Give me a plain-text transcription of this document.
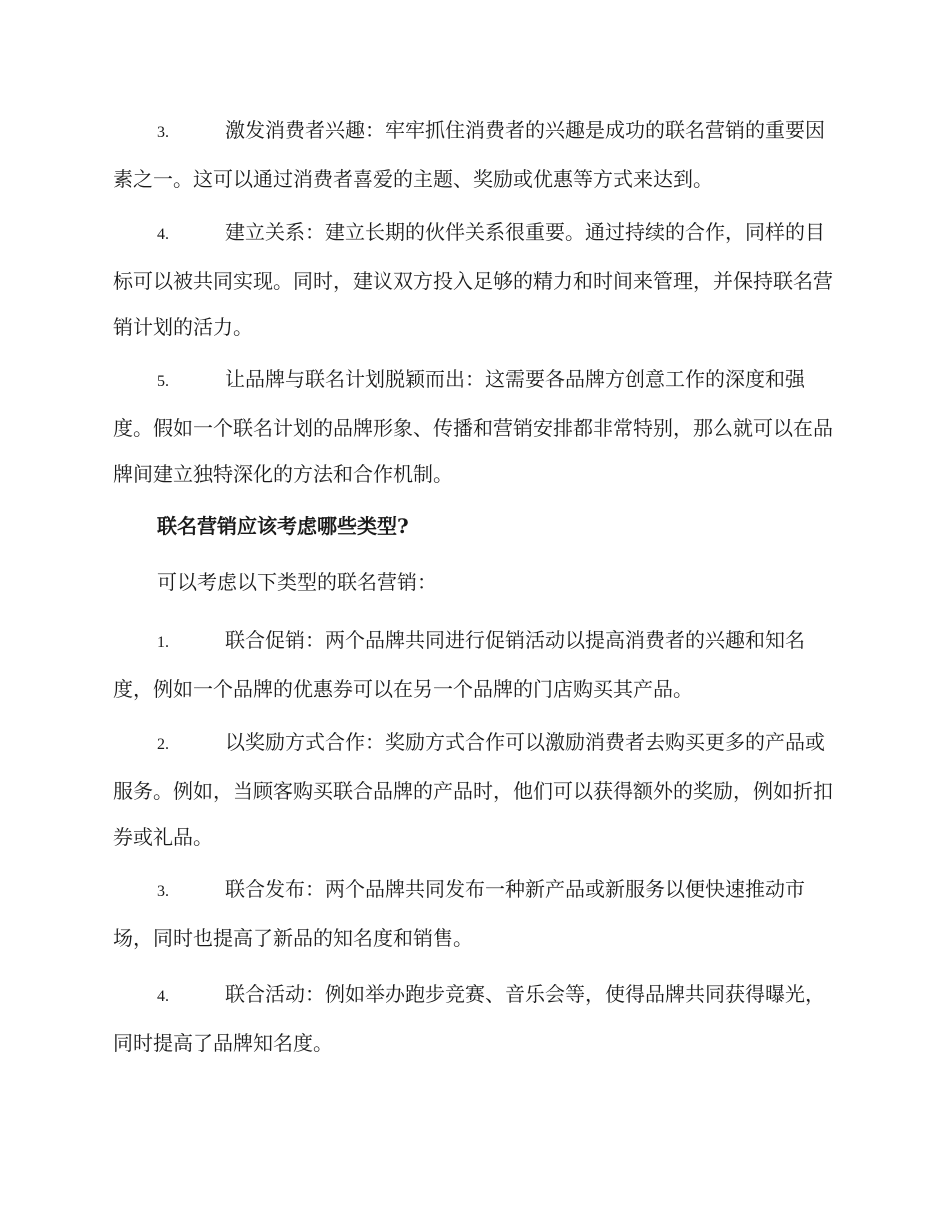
3.	激发消费者兴趣：牢牢抓住消费者的兴趣是成功的联名营销的重要因素之一。这可以通过消费者喜爱的主题、奖励或优惠等方式来达到。

4.	建立关系：建立长期的伙伴关系很重要。通过持续的合作，同样的目标可以被共同实现。同时，建议双方投入足够的精力和时间来管理，并保持联名营销计划的活力。

5.	让品牌与联名计划脱颖而出：这需要各品牌方创意工作的深度和强度。假如一个联名计划的品牌形象、传播和营销安排都非常特别，那么就可以在品牌间建立独特深化的方法和合作机制。

联名营销应该考虑哪些类型?

可以考虑以下类型的联名营销：

1.	联合促销：两个品牌共同进行促销活动以提高消费者的兴趣和知名度，例如一个品牌的优惠券可以在另一个品牌的门店购买其产品。

2.	以奖励方式合作：奖励方式合作可以激励消费者去购买更多的产品或服务。例如，当顾客购买联合品牌的产品时，他们可以获得额外的奖励，例如折扣券或礼品。

3.	联合发布：两个品牌共同发布一种新产品或新服务以便快速推动市场，同时也提高了新品的知名度和销售。

4.	联合活动：例如举办跑步竞赛、音乐会等，使得品牌共同获得曝光，同时提高了品牌知名度。
